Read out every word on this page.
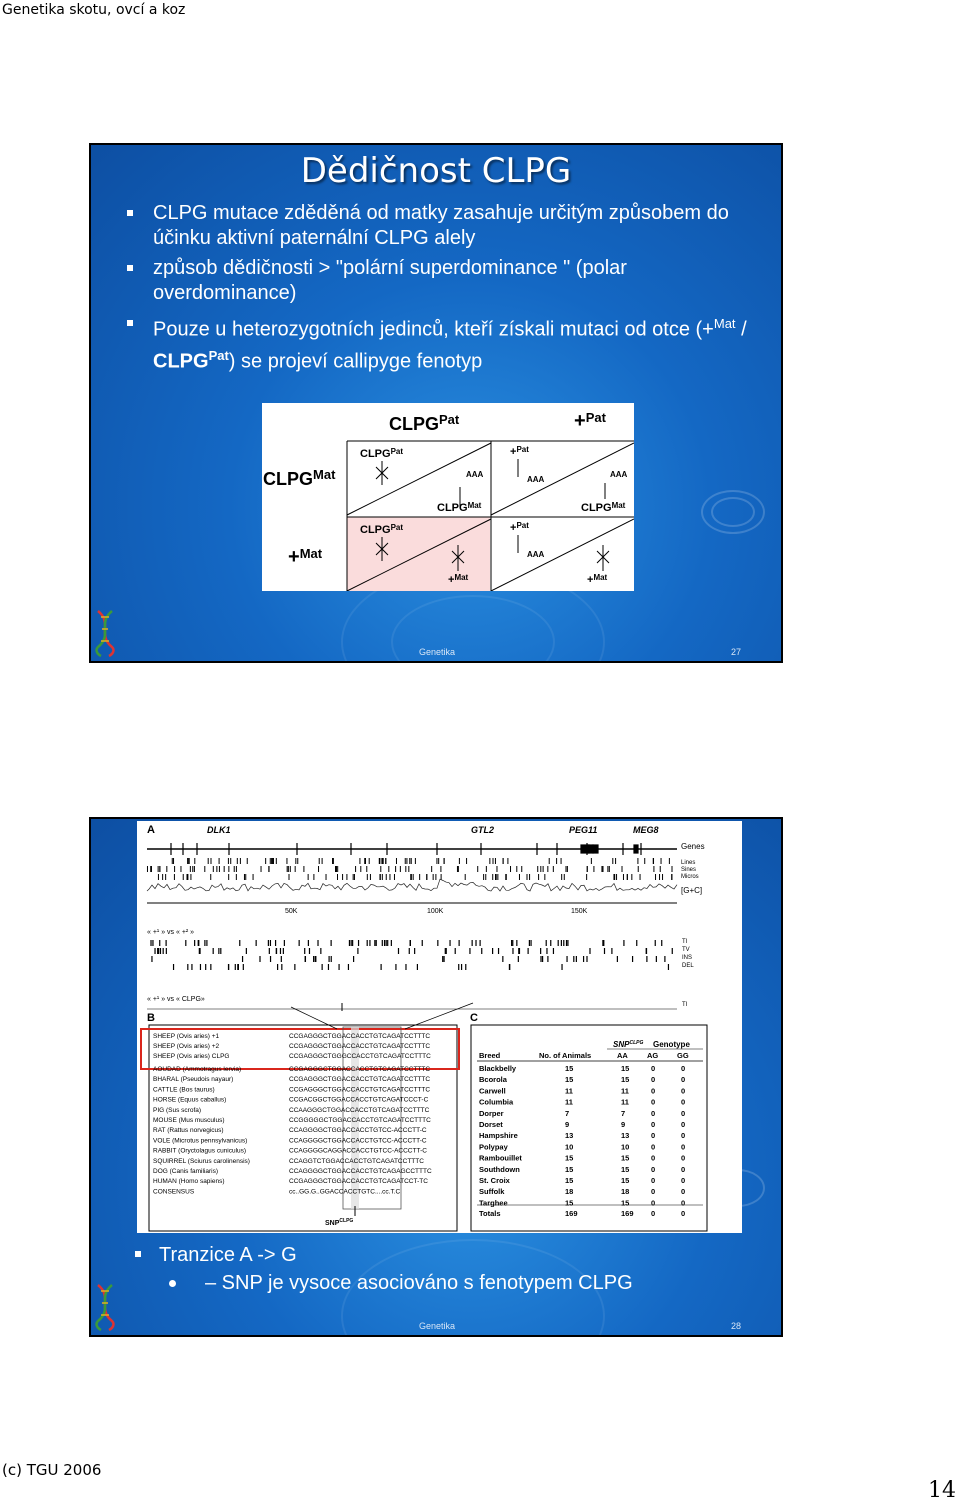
Genetika skotu, ovcí a koz
Dědičnost CLPG
CLPG mutace zděděná od matky zasahuje určitým způsobem do účinku aktivní paternální CLPG alely
způsob dědičnosti > "polární superdominance " (polar overdominance)
Pouze u heterozygotních jedinců, kteří získali mutaci od otce $(+^{Mat} / CLPG^{Pat})$ se projeví callipyge fenotyp
$CLPG^{Pat}$	+$^{Pat}$
$CLPG^{Mat}$
+$^{Mat}$
$CLPG^{Pat}$
AAA
$CLPG^{Mat}$
+$^{Pat}$
AAA
AAA
$CLPG^{Mat}$
$CLPG^{Pat}$
+$^{Mat}$
+$^{Pat}$
AAA
+$^{Mat}$
Genetika	27
A	DLK1	GTL2	PEG11	MEG8
Genes
Lines
Sines
Micros
[G+C]
50K	100K	150K
« +¹ » vs « +² »
TI
TV
INS
DEL
« +¹ » vs « CLPG»
TI
B
SHEEP (Ovis aries) +1	CCGAGGGCTGGACCACCTGTCAGATCCTTTC
SHEEP (Ovis aries) +2	CCGAGGGCTGGACCACCTGTCAGATCCTTTC
SHEEP (Ovis aries) CLPG	CCGAGGGCTGGGCCACCTGTCAGATCCTTTC
AOUDAD (Ammotragus lervia)	CCGAGGGCTGGACCACCTGTCAGATCCTTTC
BHARAL (Pseudois nayaur)	CCGAGGGCTGGACCACCTGTCAGATCCTTTC
CATTLE (Bos taurus)	CCGAGGGCTGGACCACCTGTCAGATCCTTTC
HORSE (Equus caballus)	CCGACGGCTGGACCACCTGTCAGATCCCT-C
PIG (Sus scrofa)	CCAAGGGCTGGACCACCTGTCAGATCCTTTC
MOUSE (Mus musculus)	CCGGGGGCTGGACCACCTGTCAGATCCTTTC
RAT (Rattus norvegicus)	CCAGGGGCTGGACCACCTGTCC-ACCCTT-C
VOLE (Microtus pennsylvanicus)	CCAGGGGCTGGACCACCTGTCC-ACCCTT-C
RABBIT (Oryctolagus cuniculus)	CCAGGGGCAGGACCACCTGTCC-ACCCTT-C
SQUIRREL (Sciurus carolinensis)	CCAGGTCTGGACCACCTGTCAGATCCTTTC
DOG (Canis familiaris)	CCAGGGGCTGGACCACCTGTCAGAGCCTTTC
HUMAN (Homo sapiens)	CCGAGGGCTGGACCACCTGTCAGATCCT-TC
CONSENSUS	cc..GG.G..GGACCACCTGTC....cc.T.C
$SNP^{CLPG}$
C
$SNP^{CLPG}$ Genotype
Breed	No. of Animals	AA	AG	GG
Blackbelly	15	15	0	0
Bcorola	15	15	0	0
Carwell	11	11	0	0
Columbia	11	11	0	0
Dorper	7	7	0	0
Dorset	9	9	0	0
Hampshire	13	13	0	0
Polypay	10	10	0	0
Rambouillet	15	15	0	0
Southdown	15	15	0	0
St. Croix	15	15	0	0
Suffolk	18	18	0	0
Targhee	15	15	0	0
Totals	169	169 0	0
Tranzice A -> G
– SNP je vysoce asociováno s fenotypem CLPG
Genetika	28
(c) TGU 2006
14
